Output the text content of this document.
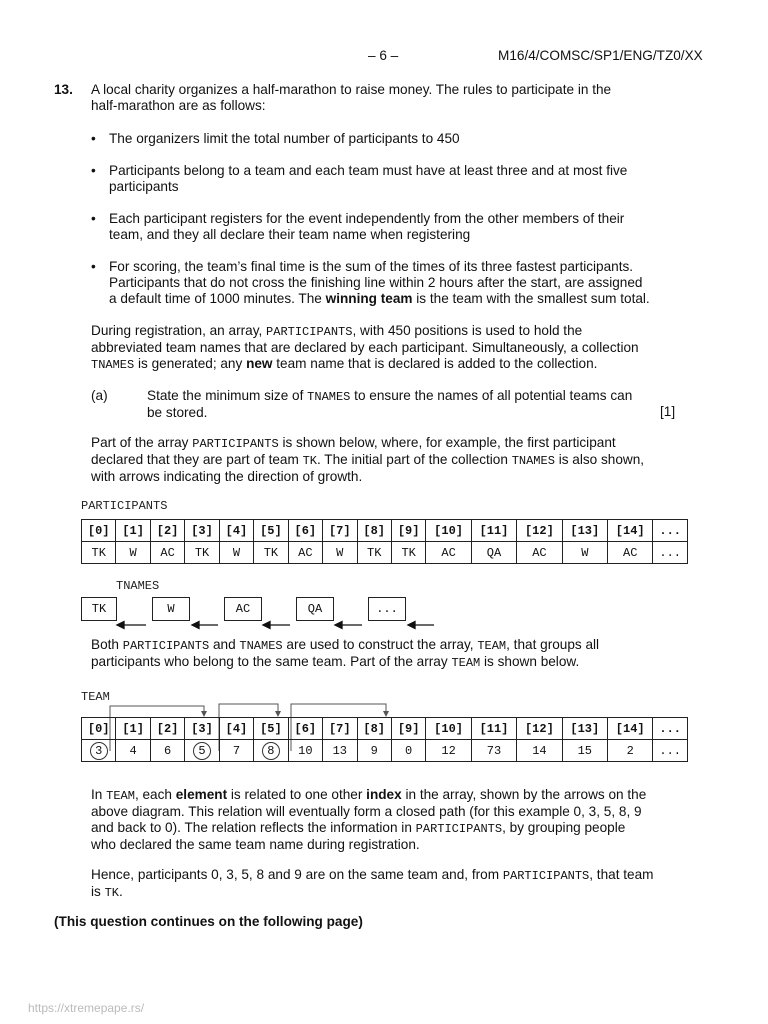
– 6 –	M16/4/COMSC/SP1/ENG/TZ0/XX
13. A local charity organizes a half-marathon to raise money. The rules to participate in the
half-marathon are as follows:
• The organizers limit the total number of participants to 450
• Participants belong to a team and each team must have at least three and at most five
participants
• Each participant registers for the event independently from the other members of their
team, and they all declare their team name when registering
• For scoring, the team’s final time is the sum of the times of its three fastest participants.
Participants that do not cross the finishing line within 2 hours after the start, are assigned
a default time of 1000 minutes. The winning team is the team with the smallest sum total.
During registration, an array, PARTICIPANTS, with 450 positions is used to hold the
abbreviated team names that are declared by each participant. Simultaneously, a collection
TNAMES is generated; any new team name that is declared is added to the collection.
(a)	State the minimum size of TNAMES to ensure the names of all potential teams can
be stored.	[1]
Part of the array PARTICIPANTS is shown below, where, for example, the first participant
declared that they are part of team TK. The initial part of the collection TNAMES is also shown,
with arrows indicating the direction of growth.
PARTICIPANTS
[0]	[1]	[2]	[3]	[4]	[5]	[6]	[7]	[8]	[9]	[10]	[11]	[12]	[13]	[14]	...
TK	W	AC	TK	W	TK	AC	W	TK	TK	AC	QA	AC	W	AC	...
TNAMES
TK	W	AC	QA	...
Both PARTICIPANTS and TNAMES are used to construct the array, TEAM, that groups all
participants who belong to the same team. Part of the array TEAM is shown below.
TEAM
[0]	[1]	[2]	[3]	[4]	[5]	[6]	[7]	[8]	[9]	[10]	[11]	[12]	[13]	[14]	...
3	4	6	5	7	8	10	13	9	0	12	73	14	15	2	...
In TEAM, each element is related to one other index in the array, shown by the arrows on the
above diagram. This relation will eventually form a closed path (for this example 0, 3, 5, 8, 9
and back to 0). The relation reflects the information in PARTICIPANTS, by grouping people
who declared the same team name during registration.
Hence, participants 0, 3, 5, 8 and 9 are on the same team and, from PARTICIPANTS, that team
is TK.
(This question continues on the following page)
https://xtremepape.rs/
